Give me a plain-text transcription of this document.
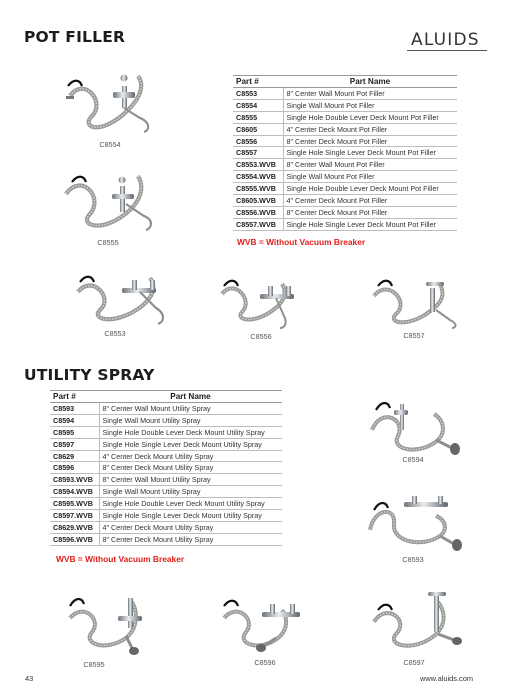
POT FILLER	ALUIDS
Part #	Part Name
C8553	8" Center Wall Mount Pot Filler
C8554	Single Wall Mount Pot Filler
C8555	Single Hole Double Lever Deck Mount Pot Filler
C8605	4" Center Deck Mount Pot Filler
C8556	8" Center Deck Mount Pot Filler
C8557	Single Hole Single Lever Deck Mount Pot Filler
C8553.WVB	8" Center Wall Mount Pot Filler
C8554.WVB	Single Wall Mount Pot Filler
C8555.WVB	Single Hole Double Lever Deck Mount Pot Filler
C8605.WVB	4" Center Deck Mount Pot Filler
C8556.WVB	8" Center Deck Mount Pot Filler
C8557.WVB	Single Hole Single Lever Deck Mount Pot Filler
WVB = Without Vacuum Breaker
C8554
C8555
C8553	C8556	C8557
UTILITY SPRAY
Part #	Part Name
C8593	8" Center Wall Mount Utility Spray
C8594	Single Wall Mount Utility Spray
C8595	Single Hole Double Lever Deck Mount Utility Spray
C8597	Single Hole Single Lever Deck Mount Utility Spray
C8629	4" Center Deck Mount Utility Spray
C8596	8" Center Deck Mount Utility Spray
C8593.WVB	8" Center Wall Mount Utility Spray
C8594.WVB	Single Wall Mount Utility Spray
C8595.WVB	Single Hole Double Lever Deck Mount Utility Spray
C8597.WVB	Single Hole Single Lever Deck Mount Utility Spray
C8629.WVB	4" Center Deck Mount Utility Spray
C8596.WVB	8" Center Deck Mount Utility Spray
WVB = Without Vacuum Breaker
C8594
C8593
C8595	C8596	C8597
43	www.aluids.com
